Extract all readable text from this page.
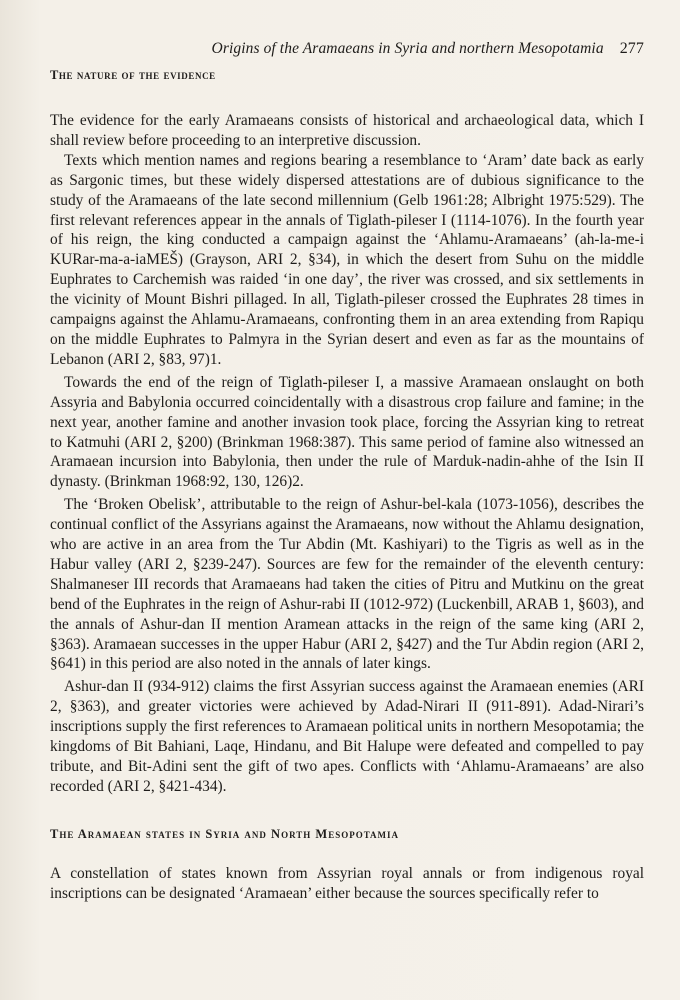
Origins of the Aramaeans in Syria and northern Mesopotamia 277
The nature of the evidence

The evidence for the early Aramaeans consists of historical and archaeological data, which I shall review before proceeding to an interpretive discussion.

Texts which mention names and regions bearing a resemblance to ‘Aram’ date back as early as Sargonic times, but these widely dispersed attestations are of dubious significance to the study of the Aramaeans of the late second millennium (Gelb 1961:28; Albright 1975:529). The first relevant references appear in the annals of Tiglath-pileser I (1114-1076). In the fourth year of his reign, the king conducted a campaign against the ‘Ahlamu-Aramaeans’ (ah-la-me-i KURar-ma-a-iaMEŠ) (Grayson, ARI 2, §34), in which the desert from Suhu on the middle Euphrates to Carchemish was raided ‘in one day’, the river was crossed, and six settlements in the vicinity of Mount Bishri pillaged. In all, Tiglath-pileser crossed the Euphrates 28 times in campaigns against the Ahlamu-Aramaeans, confronting them in an area extending from Rapiqu on the middle Euphrates to Palmyra in the Syrian desert and even as far as the mountains of Lebanon (ARI 2, §83, 97)1.

Towards the end of the reign of Tiglath-pileser I, a massive Aramaean onslaught on both Assyria and Babylonia occurred coincidentally with a disastrous crop failure and famine; in the next year, another famine and another invasion took place, forcing the Assyrian king to retreat to Katmuhi (ARI 2, §200) (Brinkman 1968:387). This same period of famine also witnessed an Aramaean incursion into Babylonia, then under the rule of Marduk-nadin-ahhe of the Isin II dynasty. (Brinkman 1968:92, 130, 126)2.

The ‘Broken Obelisk’, attributable to the reign of Ashur-bel-kala (1073-1056), describes the continual conflict of the Assyrians against the Aramaeans, now without the Ahlamu designation, who are active in an area from the Tur Abdin (Mt. Kashiyari) to the Tigris as well as in the Habur valley (ARI 2, §239-247). Sources are few for the remainder of the eleventh century: Shalmaneser III records that Aramaeans had taken the cities of Pitru and Mutkinu on the great bend of the Euphrates in the reign of Ashur-rabi II (1012-972) (Luckenbill, ARAB 1, §603), and the annals of Ashur-dan II mention Aramean attacks in the reign of the same king (ARI 2, §363). Aramaean successes in the upper Habur (ARI 2, §427) and the Tur Abdin region (ARI 2, §641) in this period are also noted in the annals of later kings.

Ashur-dan II (934-912) claims the first Assyrian success against the Aramaean enemies (ARI 2, §363), and greater victories were achieved by Adad-Nirari II (911-891). Adad-Nirari’s inscriptions supply the first references to Aramaean political units in northern Mesopotamia; the kingdoms of Bit Bahiani, Laqe, Hindanu, and Bit Halupe were defeated and compelled to pay tribute, and Bit-Adini sent the gift of two apes. Conflicts with ‘Ahlamu-Aramaeans’ are also recorded (ARI 2, §421-434).

The Aramaean states in Syria and North Mesopotamia

A constellation of states known from Assyrian royal annals or from indigenous royal inscriptions can be designated ‘Aramaean’ either because the sources specifically refer to
